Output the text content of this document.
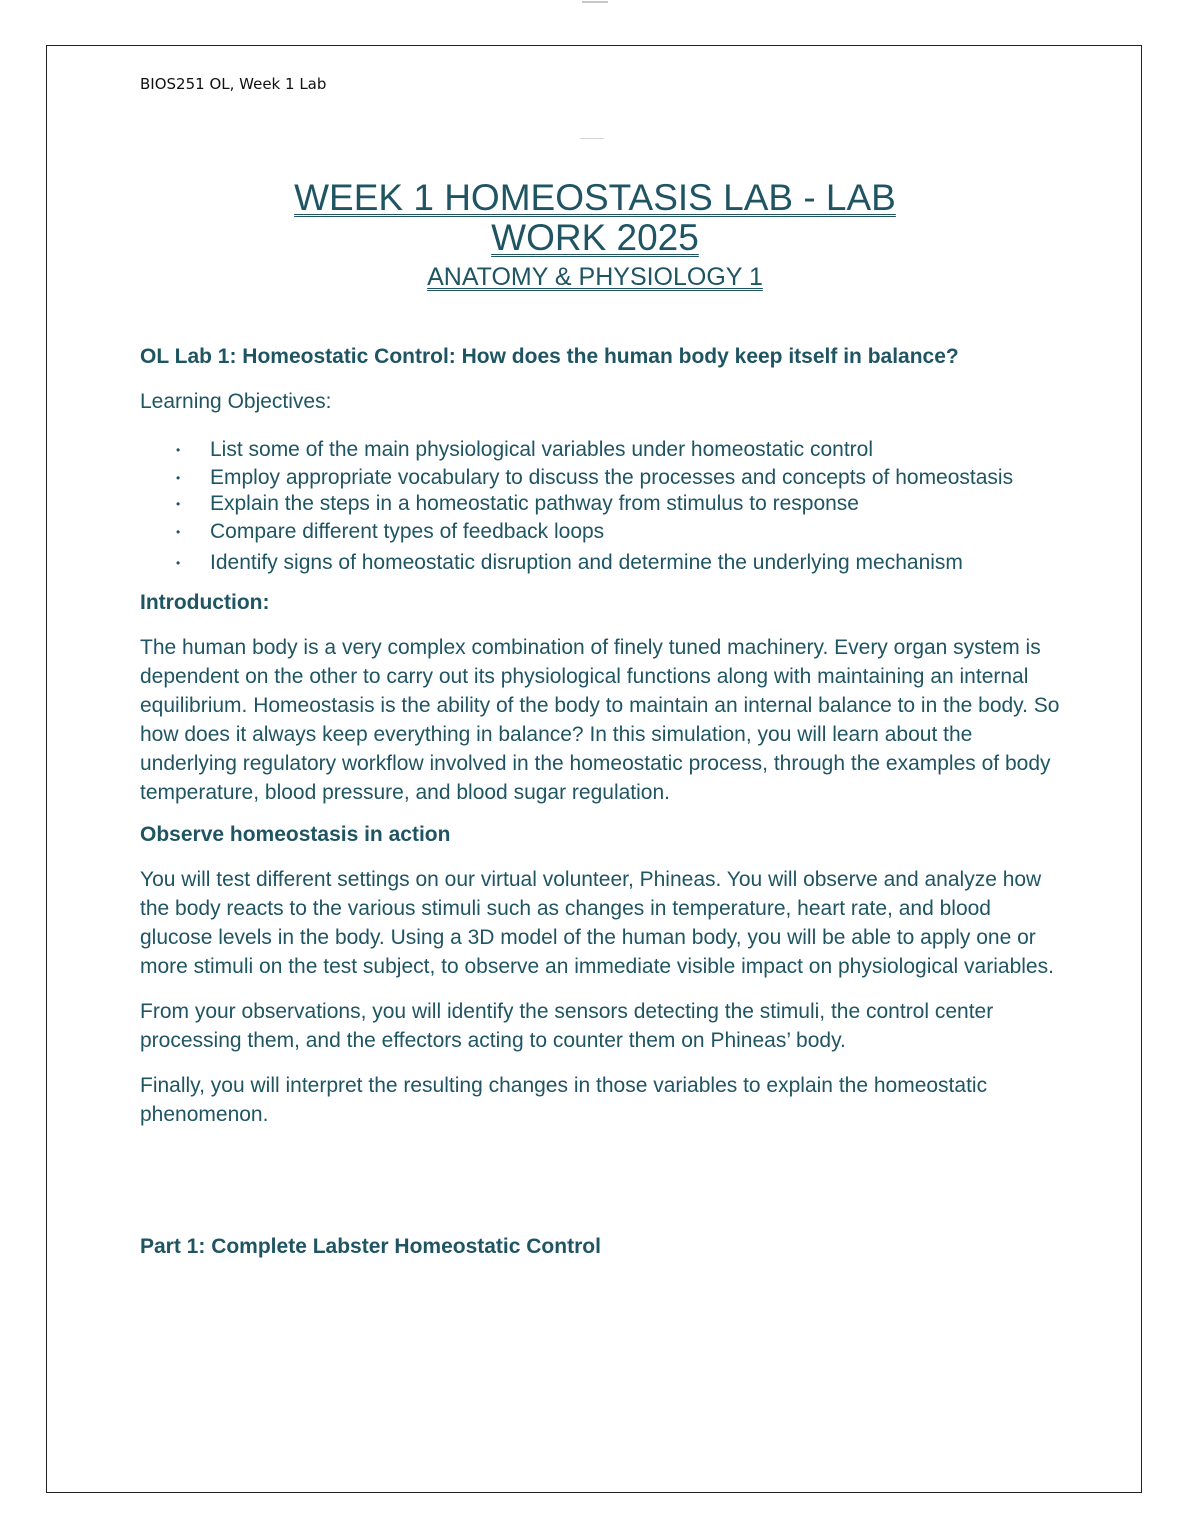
BIOS251 OL, Week 1 Lab
WEEK 1 HOMEOSTASIS LAB - LAB
WORK 2025
ANATOMY & PHYSIOLOGY 1

OL Lab 1: Homeostatic Control: How does the human body keep itself in balance?

Learning Objectives:

• List some of the main physiological variables under homeostatic control
• Employ appropriate vocabulary to discuss the processes and concepts of homeostasis
• Explain the steps in a homeostatic pathway from stimulus to response
• Compare different types of feedback loops
• Identify signs of homeostatic disruption and determine the underlying mechanism

Introduction:

The human body is a very complex combination of finely tuned machinery. Every organ system is dependent on the other to carry out its physiological functions along with maintaining an internal equilibrium. Homeostasis is the ability of the body to maintain an internal balance to in the body. So how does it always keep everything in balance? In this simulation, you will learn about the underlying regulatory workflow involved in the homeostatic process, through the examples of body temperature, blood pressure, and blood sugar regulation.

Observe homeostasis in action

You will test different settings on our virtual volunteer, Phineas. You will observe and analyze how the body reacts to the various stimuli such as changes in temperature, heart rate, and blood glucose levels in the body. Using a 3D model of the human body, you will be able to apply one or more stimuli on the test subject, to observe an immediate visible impact on physiological variables.

From your observations, you will identify the sensors detecting the stimuli, the control center processing them, and the effectors acting to counter them on Phineas’ body.

Finally, you will interpret the resulting changes in those variables to explain the homeostatic phenomenon.

Part 1: Complete Labster Homeostatic Control
